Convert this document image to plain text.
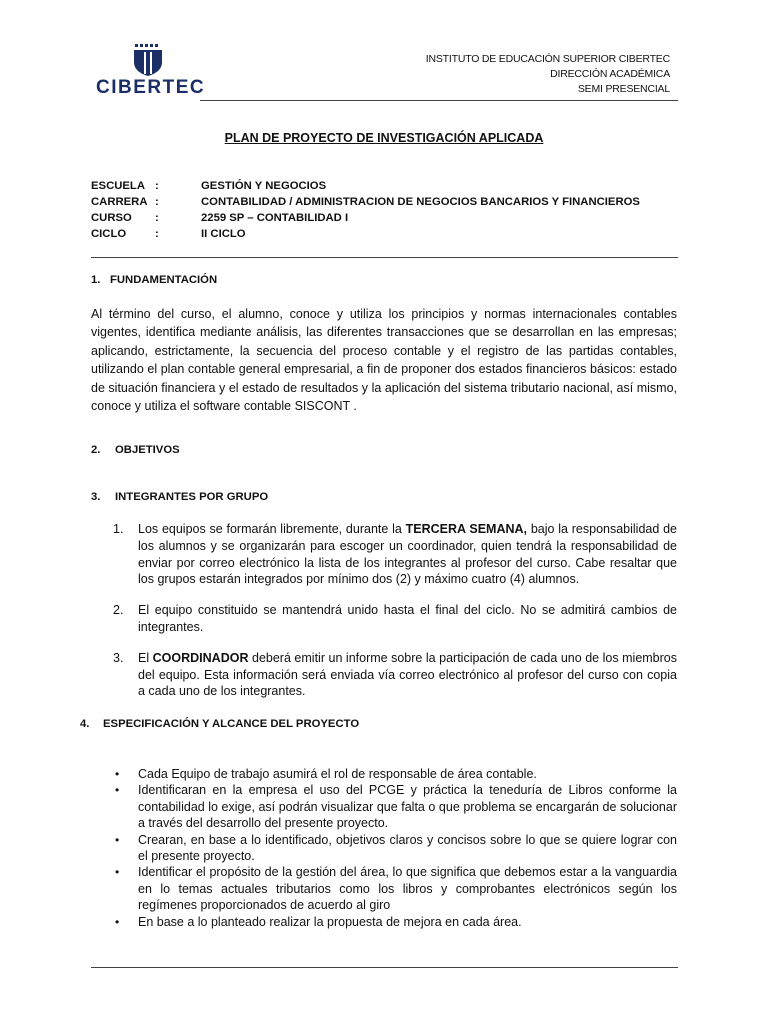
CIBERTEC
INSTITUTO DE EDUCACIÓN SUPERIOR CIBERTEC
DIRECCIÓN ACADÉMICA
SEMI PRESENCIAL
PLAN DE PROYECTO DE INVESTIGACIÓN APLICADA
ESCUELA :	GESTIÓN Y NEGOCIOS
CARRERA :	CONTABILIDAD / ADMINISTRACION DE NEGOCIOS BANCARIOS Y FINANCIEROS
CURSO :	2259 SP – CONTABILIDAD I
CICLO	:	II CICLO
1. FUNDAMENTACIÓN
Al término del curso, el alumno, conoce y utiliza los principios y normas internacionales contables vigentes, identifica mediante análisis, las diferentes transacciones que se desarrollan en las empresas; aplicando, estrictamente, la secuencia del proceso contable y el registro de las partidas contables, utilizando el plan contable general empresarial, a fin de proponer dos estados financieros básicos: estado de situación financiera y el estado de resultados y la aplicación del sistema tributario nacional, así mismo, conoce y utiliza el software contable SISCONT .
2. OBJETIVOS
3. INTEGRANTES POR GRUPO
1. Los equipos se formarán libremente, durante la TERCERA SEMANA, bajo la responsabilidad de los alumnos y se organizarán para escoger un coordinador, quien tendrá la responsabilidad de enviar por correo electrónico la lista de los integrantes al profesor del curso. Cabe resaltar que los grupos estarán integrados por mínimo dos (2) y máximo cuatro (4) alumnos.
2. El equipo constituido se mantendrá unido hasta el final del ciclo. No se admitirá cambios de integrantes.
3. El COORDINADOR deberá emitir un informe sobre la participación de cada uno de los miembros del equipo. Esta información será enviada vía correo electrónico al profesor del curso con copia a cada uno de los integrantes.
4. ESPECIFICACIÓN Y ALCANCE DEL PROYECTO
• Cada Equipo de trabajo asumirá el rol de responsable de área contable.
• Identificaran en la empresa el uso del PCGE y práctica la teneduría de Libros conforme la contabilidad lo exige, así podrán visualizar que falta o que problema se encargarán de solucionar a través del desarrollo del presente proyecto.
• Crearan, en base a lo identificado, objetivos claros y concisos sobre lo que se quiere lograr con el presente proyecto.
• Identificar el propósito de la gestión del área, lo que significa que debemos estar a la vanguardia en lo temas actuales tributarios como los libros y comprobantes electrónicos según los regímenes proporcionados de acuerdo al giro
• En base a lo planteado realizar la propuesta de mejora en cada área.
